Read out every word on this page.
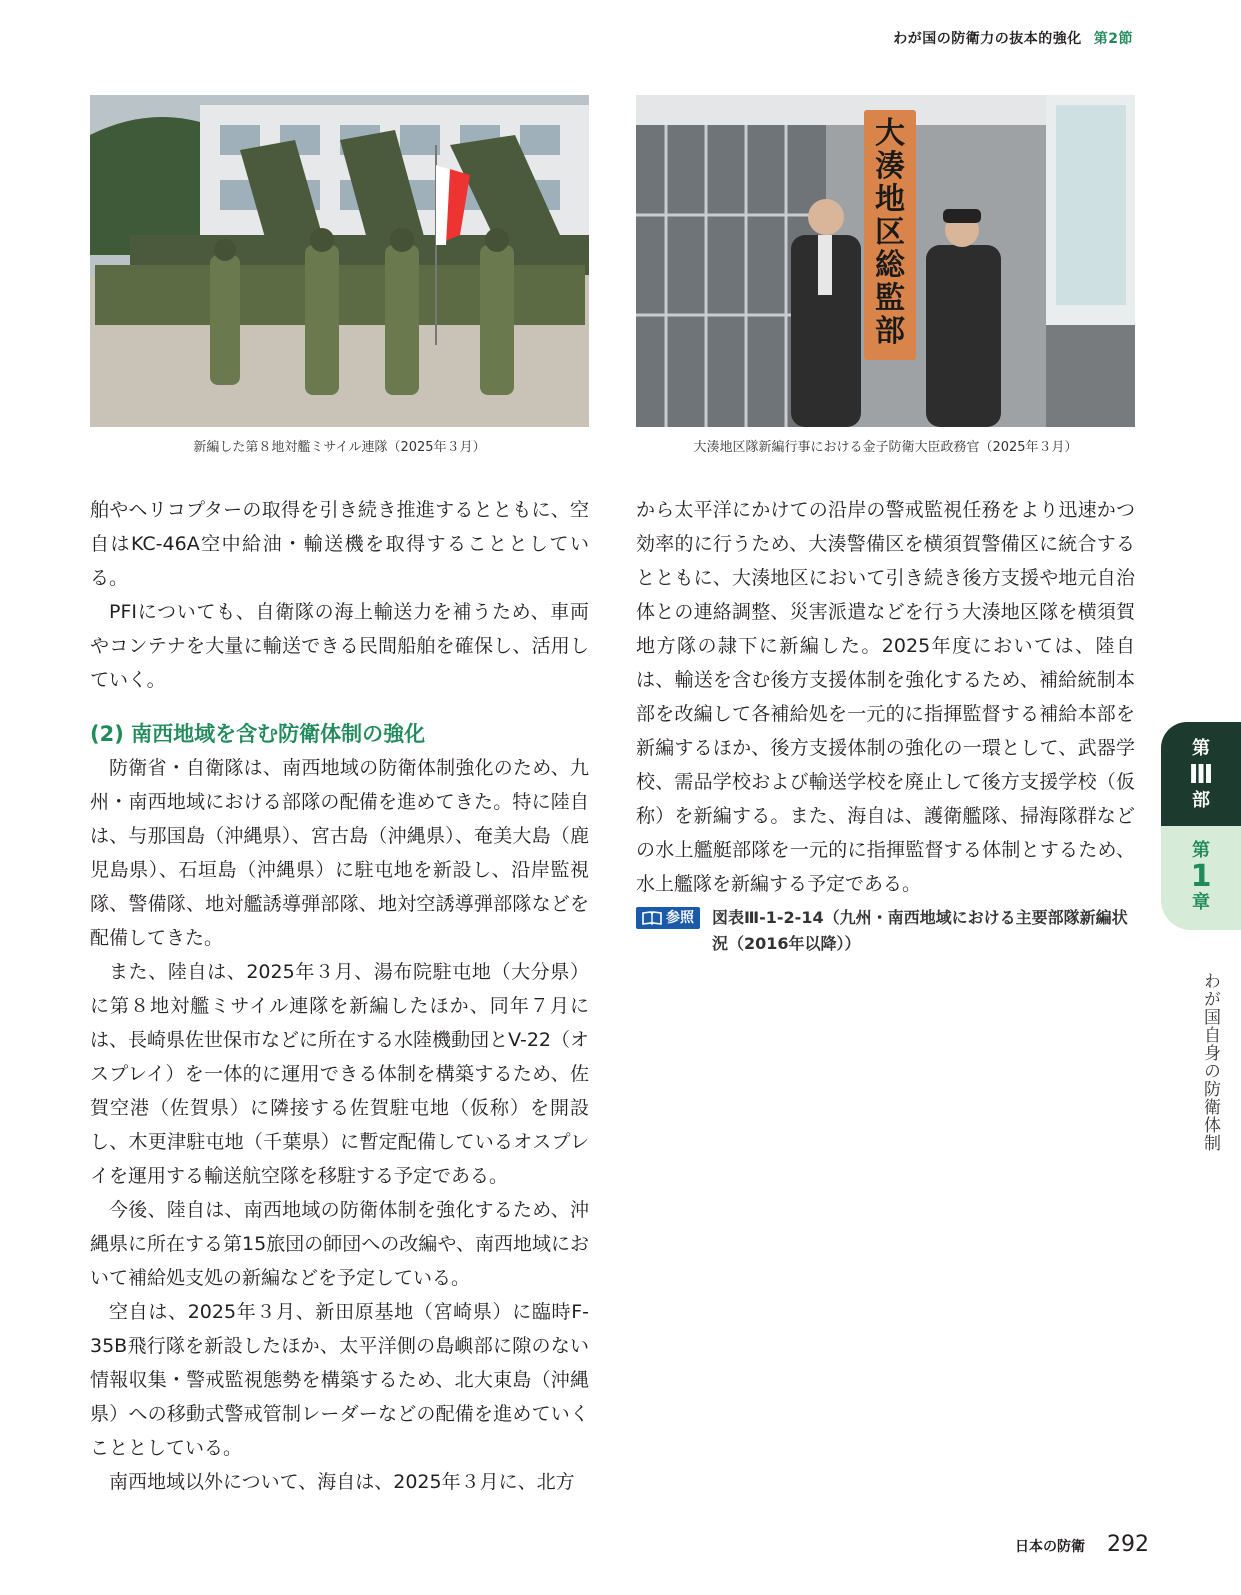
わが国の防衛力の抜本的強化 第2節
新編した第８地対艦ミサイル連隊（2025年３月）
大
湊
地
区
総
監
部
大湊地区隊新編行事における金子防衛大臣政務官（2025年３月）

舶やヘリコプターの取得を引き続き推進するとともに、空自はKC-46A空中給油・輸送機を取得することとしている。

PFIについても、自衛隊の海上輸送力を補うため、車両やコンテナを大量に輸送できる民間船舶を確保し、活用していく。

(2) 南西地域を含む防衛体制の強化

防衛省・自衛隊は、南西地域の防衛体制強化のため、九州・南西地域における部隊の配備を進めてきた。特に陸自は、与那国島（沖縄県）、宮古島（沖縄県）、奄美大島（鹿児島県）、石垣島（沖縄県）に駐屯地を新設し、沿岸監視隊、警備隊、地対艦誘導弾部隊、地対空誘導弾部隊などを配備してきた。

また、陸自は、2025年３月、湯布院駐屯地（大分県）に第８地対艦ミサイル連隊を新編したほか、同年７月には、長崎県佐世保市などに所在する水陸機動団とV-22（オスプレイ）を一体的に運用できる体制を構築するため、佐賀空港（佐賀県）に隣接する佐賀駐屯地（仮称）を開設し、木更津駐屯地（千葉県）に暫定配備しているオスプレイを運用する輸送航空隊を移駐する予定である。

今後、陸自は、南西地域の防衛体制を強化するため、沖縄県に所在する第15旅団の師団への改編や、南西地域において補給処支処の新編などを予定している。

空自は、2025年３月、新田原基地（宮崎県）に臨時F-35B飛行隊を新設したほか、太平洋側の島嶼部に隙のない情報収集・警戒監視態勢を構築するため、北大東島（沖縄県）への移動式警戒管制レーダーなどの配備を進めていくこととしている。

南西地域以外について、海自は、2025年３月に、北方

から太平洋にかけての沿岸の警戒監視任務をより迅速かつ効率的に行うため、大湊警備区を横須賀警備区に統合するとともに、大湊地区において引き続き後方支援や地元自治体との連絡調整、災害派遣などを行う大湊地区隊を横須賀地方隊の隷下に新編した。2025年度においては、陸自は、輸送を含む後方支援体制を強化するため、補給統制本部を改編して各補給処を一元的に指揮監督する補給本部を新編するほか、後方支援体制の強化の一環として、武器学校、需品学校および輸送学校を廃止して後方支援学校（仮称）を新編する。また、海自は、護衛艦隊、掃海隊群などの水上艦艇部隊を一元的に指揮監督する体制とするため、水上艦隊を新編する予定である。

参照 図表Ⅲ-1-2-14（九州・南西地域における主要部隊新編状況（2016年以降））
第
Ⅲ
部
第
1
章
わが国自身の防衛体制
日本の防衛 292
